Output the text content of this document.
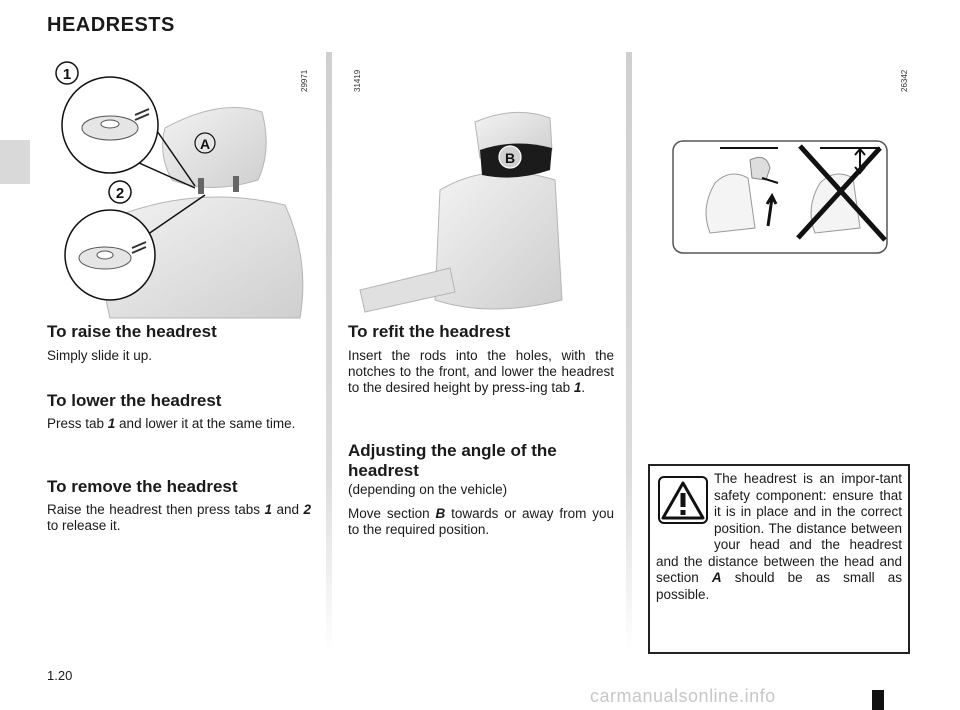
HEADRESTS
1
2
A
29971
B
31419	26342
To raise the headrest

Simply slide it up.

To lower the headrest

Press tab 1 and lower it at the same time.

To remove the headrest

Raise the headrest then press tabs 1 and 2 to release it.

To refit the headrest

Insert the rods into the holes, with the notches to the front, and lower the headrest to the desired height by press-ing tab 1.

Adjusting the angle of the
headrest

(depending on the vehicle)

Move section B towards or away from you to the required position.

The headrest is an impor-tant safety component: ensure that it is in place and in the correct position. The distance between your head and the headrest and the distance between the head and section A should be as small as possible.

1.20
carmanualsonline.info
